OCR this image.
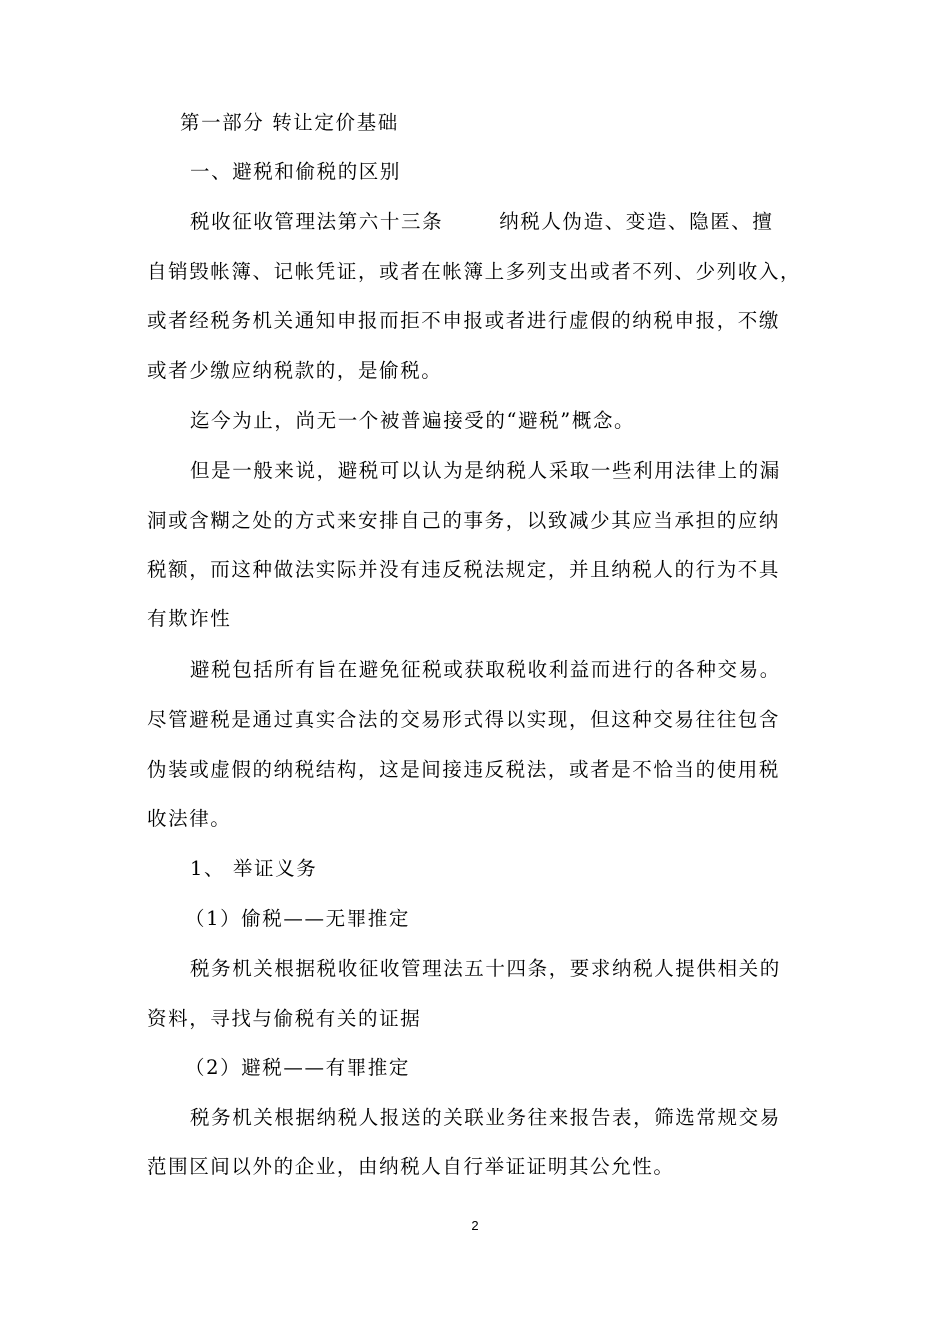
第一部分 转让定价基础
一、避税和偷税的区别
税收征收管理法第六十三条	纳税人伪造、变造、隐匿、擅
自销毁帐簿、记帐凭证，或者在帐簿上多列支出或者不列、少列收入，
或者经税务机关通知申报而拒不申报或者进行虚假的纳税申报，不缴
或者少缴应纳税款的，是偷税。
迄今为止，尚无一个被普遍接受的“避税”概念。
但是一般来说，避税可以认为是纳税人采取一些利用法律上的漏
洞或含糊之处的方式来安排自己的事务，以致减少其应当承担的应纳
税额，而这种做法实际并没有违反税法规定，并且纳税人的行为不具
有欺诈性
避税包括所有旨在避免征税或获取税收利益而进行的各种交易。
尽管避税是通过真实合法的交易形式得以实现，但这种交易往往包含
伪装或虚假的纳税结构，这是间接违反税法，或者是不恰当的使用税
收法律。
1、 举证义务
（1）偷税——无罪推定
税务机关根据税收征收管理法五十四条，要求纳税人提供相关的
资料，寻找与偷税有关的证据
（2）避税——有罪推定
税务机关根据纳税人报送的关联业务往来报告表，筛选常规交易
范围区间以外的企业，由纳税人自行举证证明其公允性。
2
